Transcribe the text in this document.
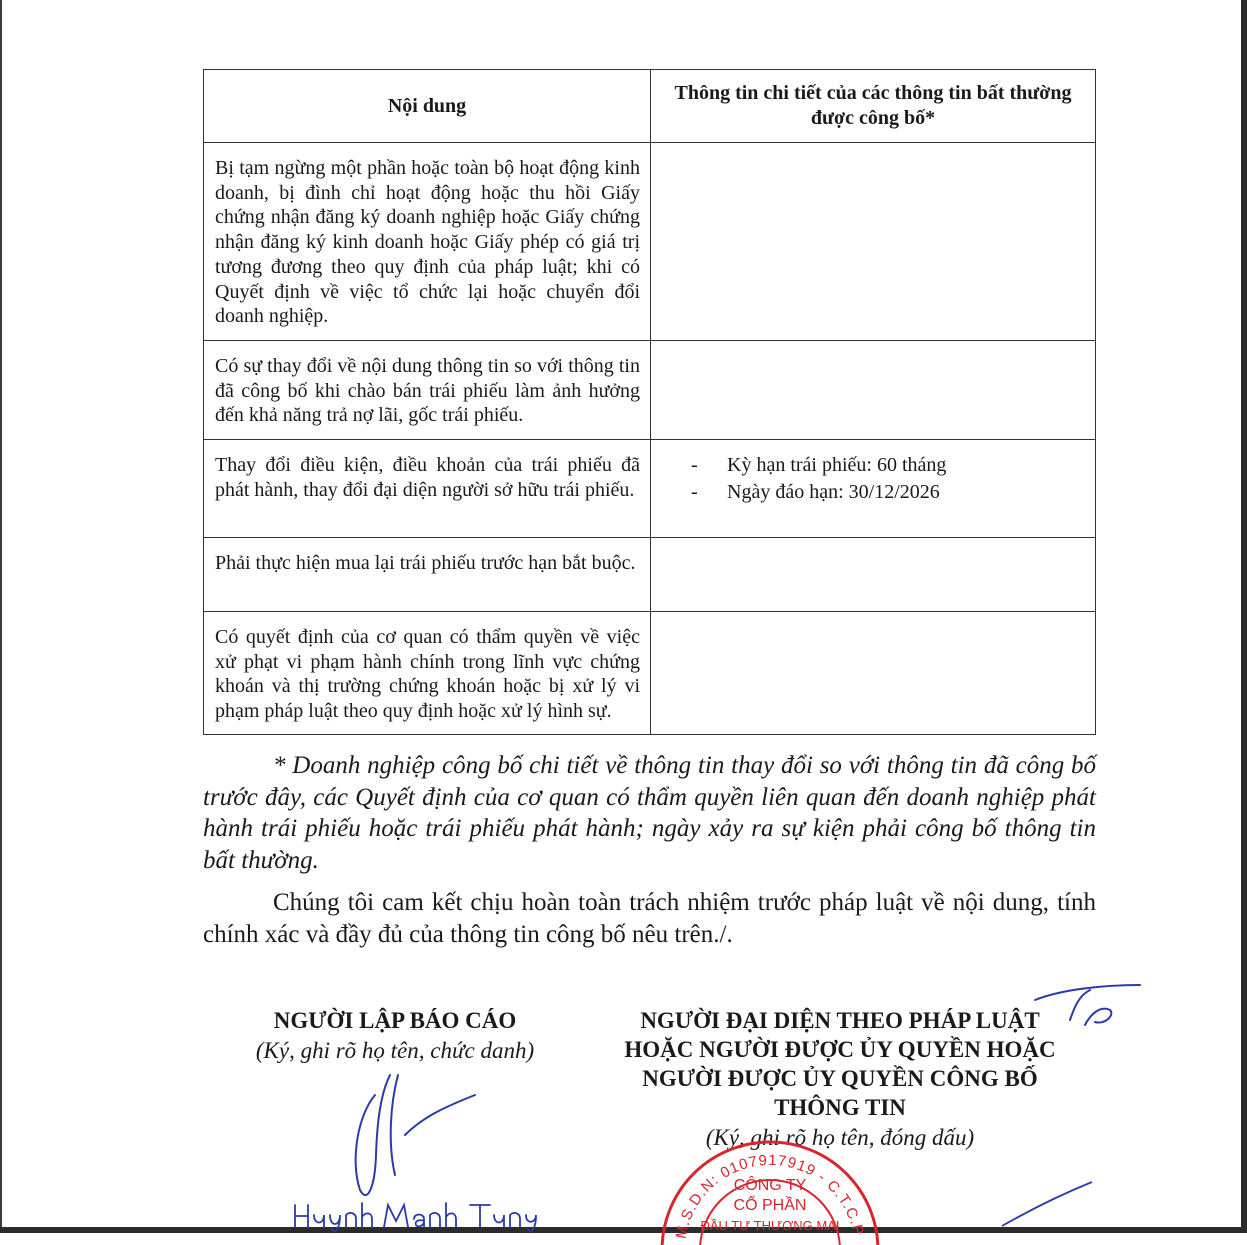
Nội dung	Thông tin chi tiết của các thông tin bất thường được công bố*
Bị tạm ngừng một phần hoặc toàn bộ hoạt động kinh doanh, bị đình chỉ hoạt động hoặc thu hồi Giấy chứng nhận đăng ký doanh nghiệp hoặc Giấy chứng nhận đăng ký kinh doanh hoặc Giấy phép có giá trị tương đương theo quy định của pháp luật; khi có Quyết định về việc tổ chức lại hoặc chuyển đổi doanh nghiệp.	
Có sự thay đổi về nội dung thông tin so với thông tin đã công bố khi chào bán trái phiếu làm ảnh hưởng đến khả năng trả nợ lãi, gốc trái phiếu.	
Thay đổi điều kiện, điều khoản của trái phiếu đã phát hành, thay đổi đại diện người sở hữu trái phiếu.	- Kỳ hạn trái phiếu: 60 tháng
- Ngày đáo hạn: 30/12/2026

Phải thực hiện mua lại trái phiếu trước hạn bắt buộc.	
Có quyết định của cơ quan có thẩm quyền về việc xử phạt vi phạm hành chính trong lĩnh vực chứng khoán và thị trường chứng khoán hoặc bị xử lý vi phạm pháp luật theo quy định hoặc xử lý hình sự.	
* Doanh nghiệp công bố chi tiết về thông tin thay đổi so với thông tin đã công bố trước đây, các Quyết định của cơ quan có thẩm quyền liên quan đến doanh nghiệp phát hành trái phiếu hoặc trái phiếu phát hành; ngày xảy ra sự kiện phải công bố thông tin bất thường.
Chúng tôi cam kết chịu hoàn toàn trách nhiệm trước pháp luật về nội dung, tính chính xác và đầy đủ của thông tin công bố nêu trên./.
NGƯỜI LẬP BÁO CÁO
(Ký, ghi rõ họ tên, chức danh)
NGƯỜI ĐẠI DIỆN THEO PHÁP LUẬT
HOẶC NGƯỜI ĐƯỢC ỦY QUYỀN HOẶC
NGƯỜI ĐƯỢC ỦY QUYỀN CÔNG BỐ
THÔNG TIN
(Ký, ghi rõ họ tên, đóng dấu)
Huỳnh Mạnh Tùng
M.S.D.N: 0107917919 - C.T.C.P
CÔNG TY
CỔ PHẦN
ĐẦU TƯ THƯƠNG MẠI
